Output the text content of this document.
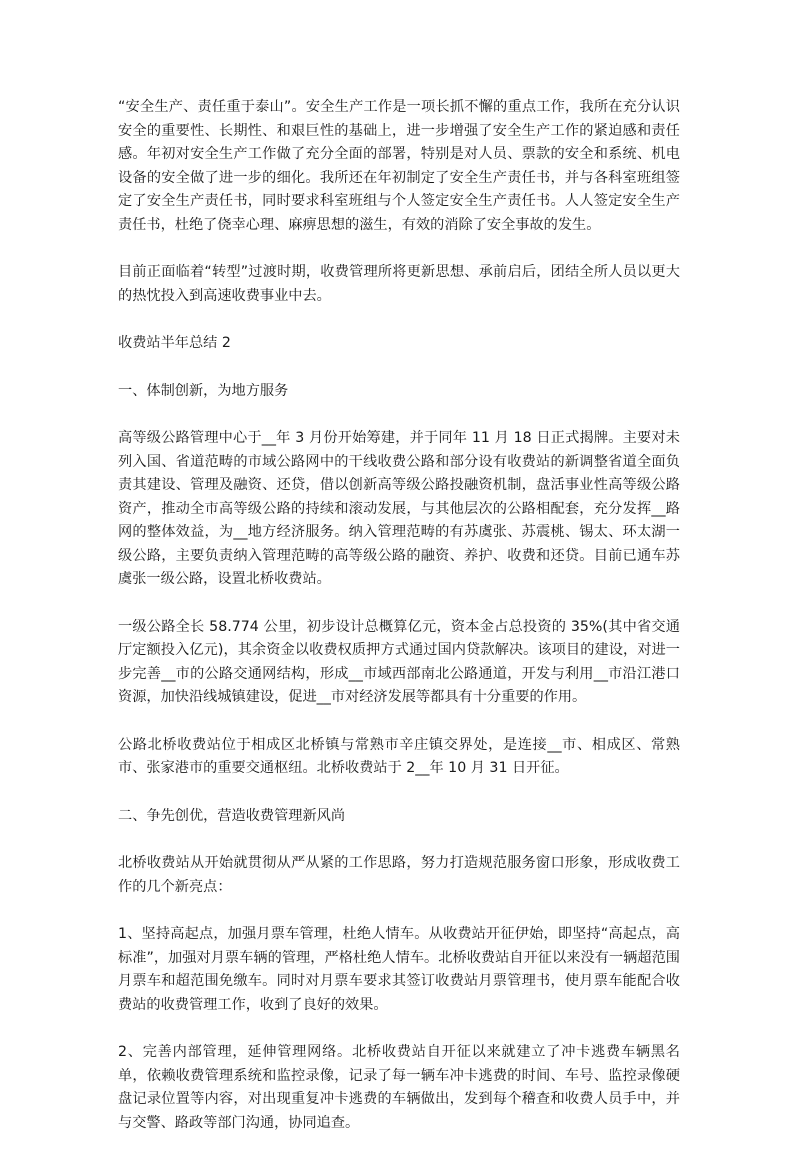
“安全生产、责任重于泰山”。安全生产工作是一项长抓不懈的重点工作，我所在充分认识安全的重要性、长期性、和艰巨性的基础上，进一步增强了安全生产工作的紧迫感和责任感。年初对安全生产工作做了充分全面的部署，特别是对人员、票款的安全和系统、机电设备的安全做了进一步的细化。我所还在年初制定了安全生产责任书，并与各科室班组签定了安全生产责任书，同时要求科室班组与个人签定安全生产责任书。人人签定安全生产责任书，杜绝了侥幸心理、麻痹思想的滋生，有效的消除了安全事故的发生。

目前正面临着“转型”过渡时期，收费管理所将更新思想、承前启后，团结全所人员以更大的热忱投入到高速收费事业中去。

收费站半年总结 2

一、体制创新，为地方服务

高等级公路管理中心于__年 3 月份开始筹建，并于同年 11 月 18 日正式揭牌。主要对未列入国、省道范畴的市域公路网中的干线收费公路和部分设有收费站的新调整省道全面负责其建设、管理及融资、还贷，借以创新高等级公路投融资机制，盘活事业性高等级公路资产，推动全市高等级公路的持续和滚动发展，与其他层次的公路相配套，充分发挥__路网的整体效益，为__地方经济服务。纳入管理范畴的有苏虞张、苏震桃、锡太、环太湖一级公路，主要负责纳入管理范畴的高等级公路的融资、养护、收费和还贷。目前已通车苏虞张一级公路，设置北桥收费站。

一级公路全长 58.774 公里，初步设计总概算亿元，资本金占总投资的 35%(其中省交通厅定额投入亿元)，其余资金以收费权质押方式通过国内贷款解决。该项目的建设，对进一步完善__市的公路交通网结构，形成__市域西部南北公路通道，开发与利用__市沿江港口资源，加快沿线城镇建设，促进__市对经济发展等都具有十分重要的作用。

公路北桥收费站位于相成区北桥镇与常熟市辛庄镇交界处，是连接__市、相成区、常熟市、张家港市的重要交通枢纽。北桥收费站于 2__年 10 月 31 日开征。

二、争先创优，营造收费管理新风尚

北桥收费站从开始就贯彻从严从紧的工作思路，努力打造规范服务窗口形象，形成收费工作的几个新亮点：

1、坚持高起点，加强月票车管理，杜绝人情车。从收费站开征伊始，即坚持“高起点，高标准”，加强对月票车辆的管理，严格杜绝人情车。北桥收费站自开征以来没有一辆超范围月票车和超范围免缴车。同时对月票车要求其签订收费站月票管理书，使月票车能配合收费站的收费管理工作，收到了良好的效果。

2、完善内部管理，延伸管理网络。北桥收费站自开征以来就建立了冲卡逃费车辆黑名单，依赖收费管理系统和监控录像，记录了每一辆车冲卡逃费的时间、车号、监控录像硬盘记录位置等内容，对出现重复冲卡逃费的车辆做出，发到每个稽查和收费人员手中，并与交警、路政等部门沟通，协同追查。
